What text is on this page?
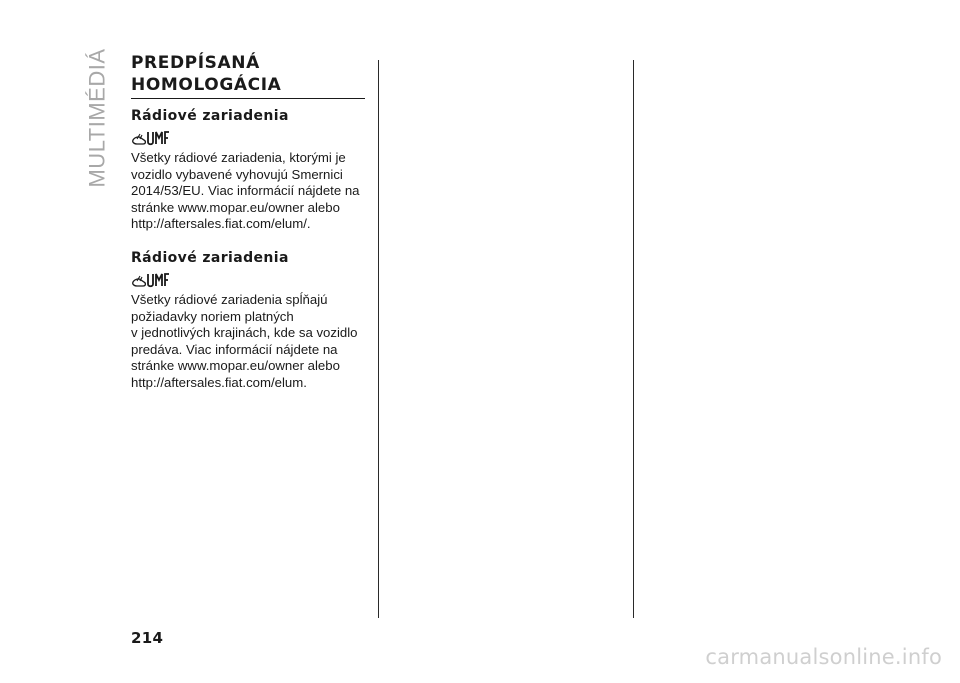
MULTIMÉDIÁ PREDPÍSANÁ
HOMOLOGÁCIA
Rádiové zariadenia

Všetky rádiové zariadenia, ktorými je
vozidlo vybavené vyhovujú Smernici
2014/53/EU. Viac informácií nájdete na
stránke www.mopar.eu/owner alebo
http://aftersales.fiat.com/elum/.

Rádiové zariadenia

Všetky rádiové zariadenia spĺňajú
požiadavky noriem platných
v jednotlivých krajinách, kde sa vozidlo
predáva. Viac informácií nájdete na
stránke www.mopar.eu/owner alebo
http://aftersales.fiat.com/elum.

214
carmanualsonline.info
